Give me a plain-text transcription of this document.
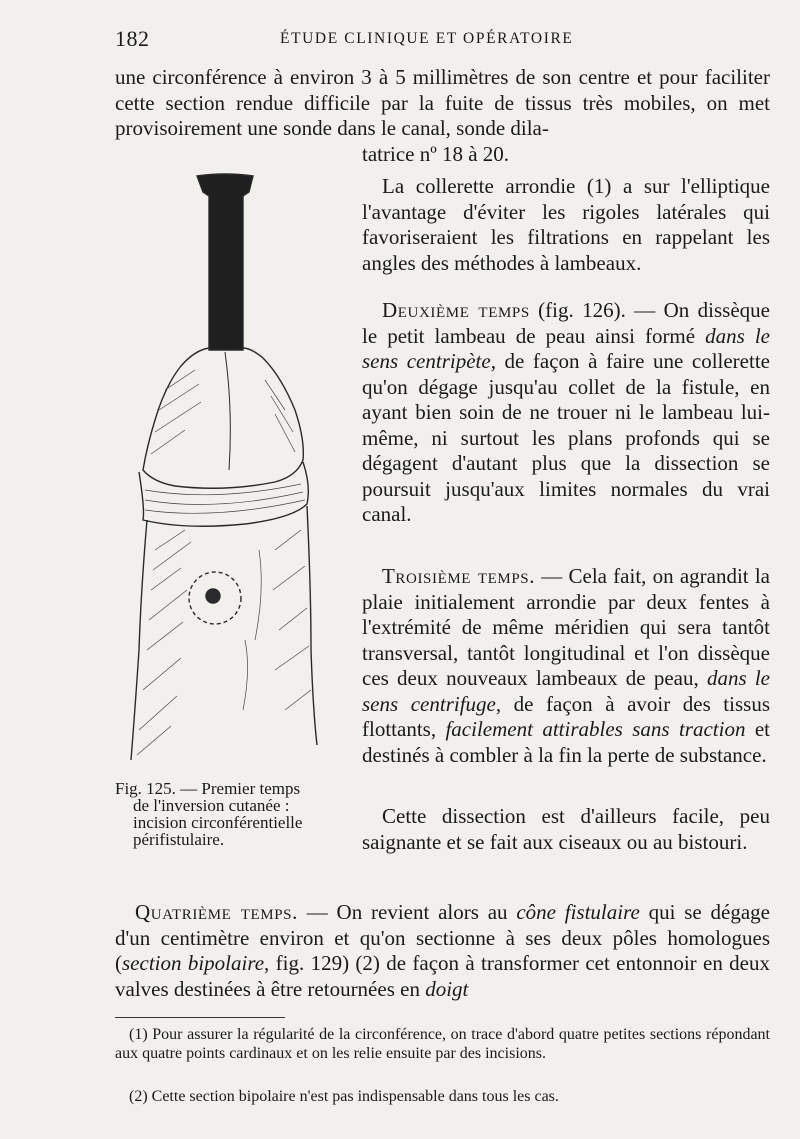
182	ÉTUDE CLINIQUE ET OPÉRATOIRE

une circonférence à environ 3 à 5 millimètres de son centre et pour faciliter cette section rendue difficile par la fuite de tissus très mobiles, on met provisoirement une sonde dans le canal, sonde dila-

tatrice nº 18 à 20.

La collerette arrondie (1) a sur l'elliptique l'avantage d'éviter les rigoles latérales qui favoriseraient les filtrations en rappelant les angles des méthodes à lambeaux.

Deuxième temps (fig. 126). — On dissèque le petit lambeau de peau ainsi formé dans le sens centripète, de façon à faire une collerette qu'on dégage jusqu'au collet de la fistule, en ayant bien soin de ne trouer ni le lambeau lui-même, ni surtout les plans profonds qui se dégagent d'autant plus que la dissection se poursuit jusqu'aux limites normales du vrai canal.

Troisième temps. — Cela fait, on agrandit la plaie initialement arrondie par deux fentes à l'extrémité de même méridien qui sera tantôt transversal, tantôt longitudinal et l'on dissèque ces deux nouveaux lambeaux de peau, dans le sens centrifuge, de façon à avoir des tissus flottants, facilement attirables sans traction et destinés à combler à la fin la perte de substance.

Cette dissection est d'ailleurs facile, peu saignante et se fait aux ciseaux ou au bistouri.

Quatrième temps. — On revient alors au cône fistulaire qui se dégage d'un centimètre environ et qu'on sectionne à ses deux pôles homologues (section bipolaire, fig. 129) (2) de façon à transformer cet entonnoir en deux valves destinées à être retournées en doigt

Fig. 125. — Premier temps
de l'inversion cutanée :
incision circonférentielle
périfistulaire.

(1) Pour assurer la régularité de la circonférence, on trace d'abord quatre petites sections répondant aux quatre points cardinaux et on les relie ensuite par des incisions.

(2) Cette section bipolaire n'est pas indispensable dans tous les cas.
